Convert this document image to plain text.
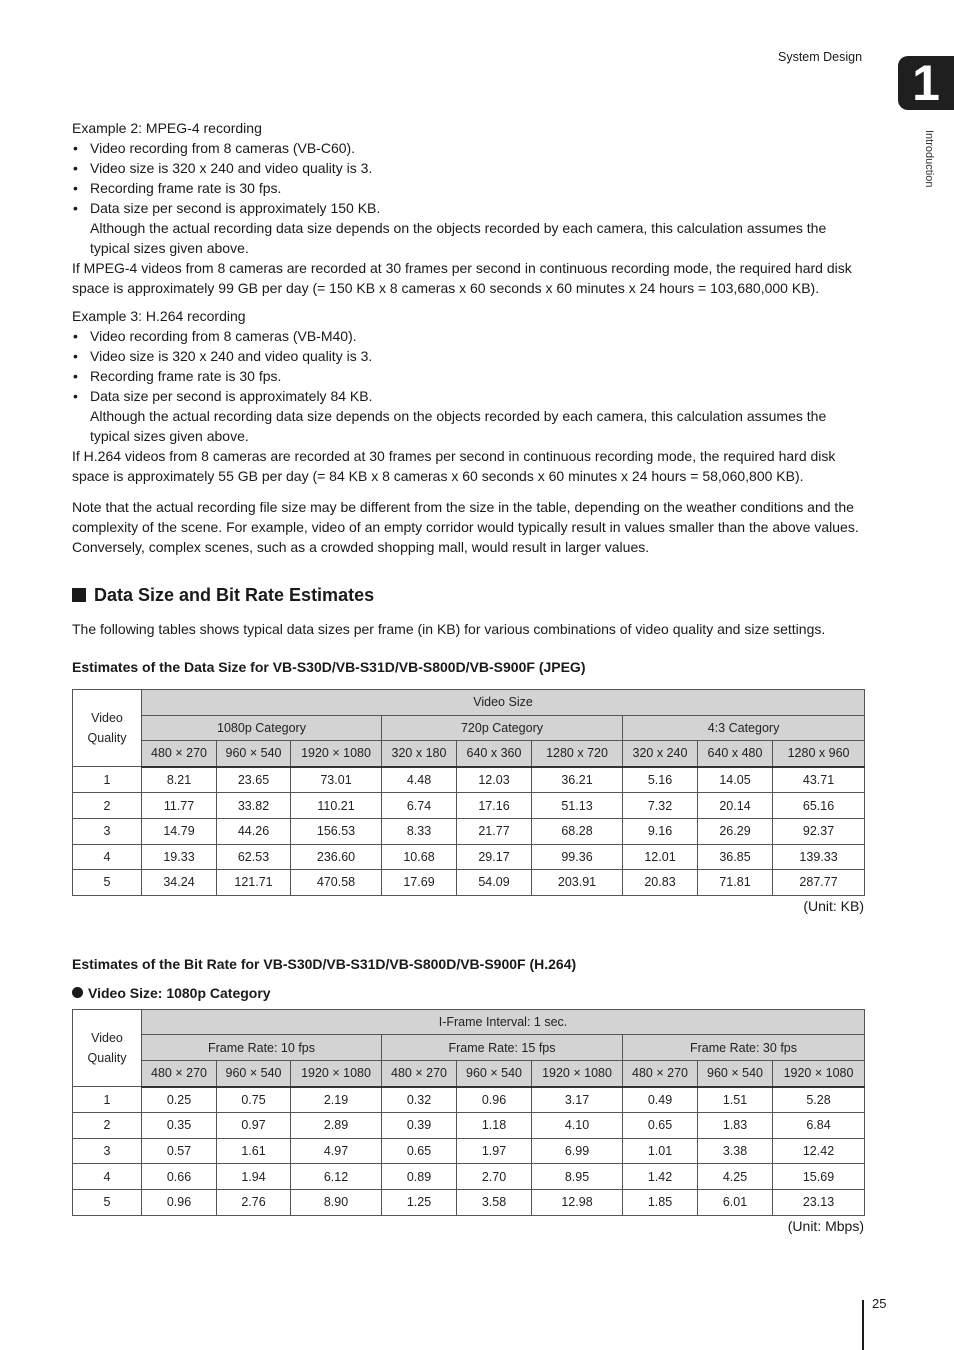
System Design 1
Introduction

Example 2: MPEG-4 recording

• Video recording from 8 cameras (VB-C60).
• Video size is 320 x 240 and video quality is 3.
• Recording frame rate is 30 fps.
• Data size per second is approximately 150 KB.
Although the actual recording data size depends on the objects recorded by each camera, this calculation assumes the typical sizes given above.

If MPEG-4 videos from 8 cameras are recorded at 30 frames per second in continuous recording mode, the required hard disk space is approximately 99 GB per day (= 150 KB x 8 cameras x 60 seconds x 60 minutes x 24 hours = 103,680,000 KB).

Example 3: H.264 recording

• Video recording from 8 cameras (VB-M40).
• Video size is 320 x 240 and video quality is 3.
• Recording frame rate is 30 fps.
• Data size per second is approximately 84 KB.
Although the actual recording data size depends on the objects recorded by each camera, this calculation assumes the typical sizes given above.

If H.264 videos from 8 cameras are recorded at 30 frames per second in continuous recording mode, the required hard disk space is approximately 55 GB per day (= 84 KB x 8 cameras x 60 seconds x 60 minutes x 24 hours = 58,060,800 KB).

Note that the actual recording file size may be different from the size in the table, depending on the weather conditions and the complexity of the scene. For example, video of an empty corridor would typically result in values smaller than the above values. Conversely, complex scenes, such as a crowded shopping mall, would result in larger values.

Data Size and Bit Rate Estimates

The following tables shows typical data sizes per frame (in KB) for various combinations of video quality and size settings.

Estimates of the Data Size for VB-S30D/VB-S31D/VB-S800D/VB-S900F (JPEG)

Video
Quality	Video Size								
	1080p Category			720p Category			4:3 Category		
	480 × 270	960 × 540	1920 × 1080	320 x 180	640 x 360	1280 x 720	320 x 240	640 x 480	1280 x 960
1	8.21	23.65	73.01	4.48	12.03	36.21	5.16	14.05	43.71
2	11.77	33.82	110.21	6.74	17.16	51.13	7.32	20.14	65.16
3	14.79	44.26	156.53	8.33	21.77	68.28	9.16	26.29	92.37
4	19.33	62.53	236.60	10.68	29.17	99.36	12.01	36.85	139.33
5	34.24	121.71	470.58	17.69	54.09	203.91	20.83	71.81	287.77

(Unit: KB)

Estimates of the Bit Rate for VB-S30D/VB-S31D/VB-S800D/VB-S900F (H.264)

Video Size: 1080p Category

Video
Quality	I-Frame Interval: 1 sec.								
	Frame Rate: 10 fps			Frame Rate: 15 fps			Frame Rate: 30 fps		
	480 × 270	960 × 540	1920 × 1080	480 × 270	960 × 540	1920 × 1080	480 × 270	960 × 540	1920 × 1080
1	0.25	0.75	2.19	0.32	0.96	3.17	0.49	1.51	5.28
2	0.35	0.97	2.89	0.39	1.18	4.10	0.65	1.83	6.84
3	0.57	1.61	4.97	0.65	1.97	6.99	1.01	3.38	12.42
4	0.66	1.94	6.12	0.89	2.70	8.95	1.42	4.25	15.69
5	0.96	2.76	8.90	1.25	3.58	12.98	1.85	6.01	23.13

(Unit: Mbps)

25
